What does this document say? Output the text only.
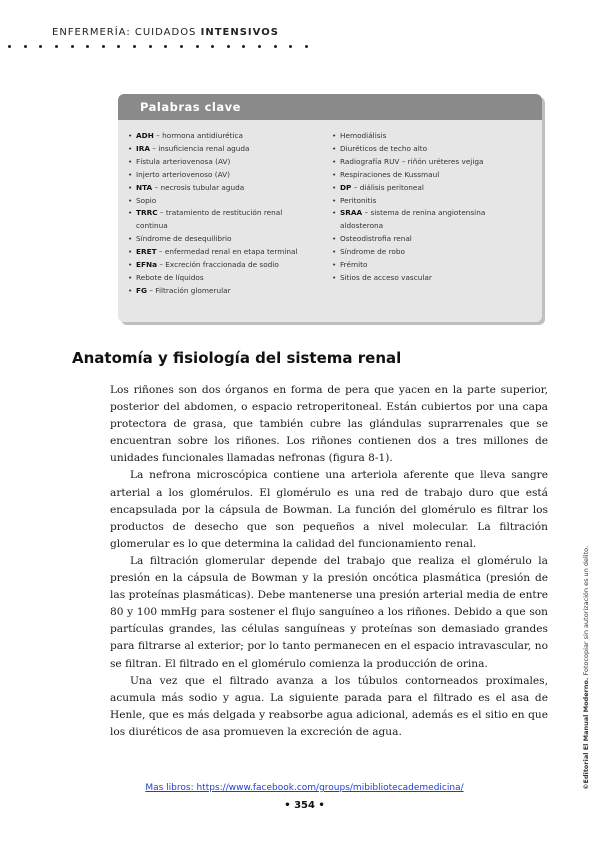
ENFERMERÍA: CUIDADOS INTENSIVOS
Palabras clave
• ADH – hormona antidiurética
• IRA – insuficiencia renal aguda
• Fístula arteriovenosa (AV)
• Injerto arteriovenoso (AV)
• NTA – necrosis tubular aguda
• Sopio
• TRRC – tratamiento de restitución renal
continua
• Síndrome de desequilibrio
• ERET – enfermedad renal en etapa terminal
• EFNa – Excreción fraccionada de sodio
• Rebote de líquidos
• FG – Filtración glomerular
• Hemodiálisis
• Diuréticos de techo alto
• Radiografía RUV – riñón uréteres vejiga
• Respiraciones de Kussmaul
• DP – diálisis peritoneal
• Peritonitis
• SRAA – sistema de renina angiotensina
aldosterona
• Osteodistrofia renal
• Síndrome de robo
• Frémito
• Sitios de acceso vascular
Anatomía y fisiología del sistema renal

Los riñones son dos órganos en forma de pera que yacen en la parte superior, posterior del abdomen, o espacio retroperitoneal. Están cubiertos por una capa protectora de grasa, que también cubre las glándulas suprarrenales que se encuentran sobre los riñones. Los riñones contienen dos a tres millones de unidades funcionales llamadas nefronas (figura 8-1).

La nefrona microscópica contiene una arteriola aferente que lleva sangre arterial a los glomérulos. El glomérulo es una red de trabajo duro que está encapsulada por la cápsula de Bowman. La función del glomérulo es filtrar los productos de desecho que son pequeños a nivel molecular. La filtración glomerular es lo que determina la calidad del funcionamiento renal.

La filtración glomerular depende del trabajo que realiza el glomérulo la presión en la cápsula de Bowman y la presión oncótica plasmática (presión de las proteínas plasmáticas). Debe mantenerse una presión arterial media de entre 80 y 100 mmHg para sostener el flujo sanguíneo a los riñones. Debido a que son partículas grandes, las células sanguíneas y proteínas son demasiado grandes para filtrarse al exterior; por lo tanto permanecen en el espacio intravascular, no se filtran. El filtrado en el glomérulo comienza la producción de orina.

Una vez que el filtrado avanza a los túbulos contorneados proximales, acumula más sodio y agua. La siguiente parada para el filtrado es el asa de Henle, que es más delgada y reabsorbe agua adicional, además es el sitio en que los diuréticos de asa promueven la excreción de agua.	©Editorial El Manual Moderno. Fotocopiar sin autorización es un delito.
Mas libros: https://www.facebook.com/groups/mibibliotecademedicina/
• 354 •
